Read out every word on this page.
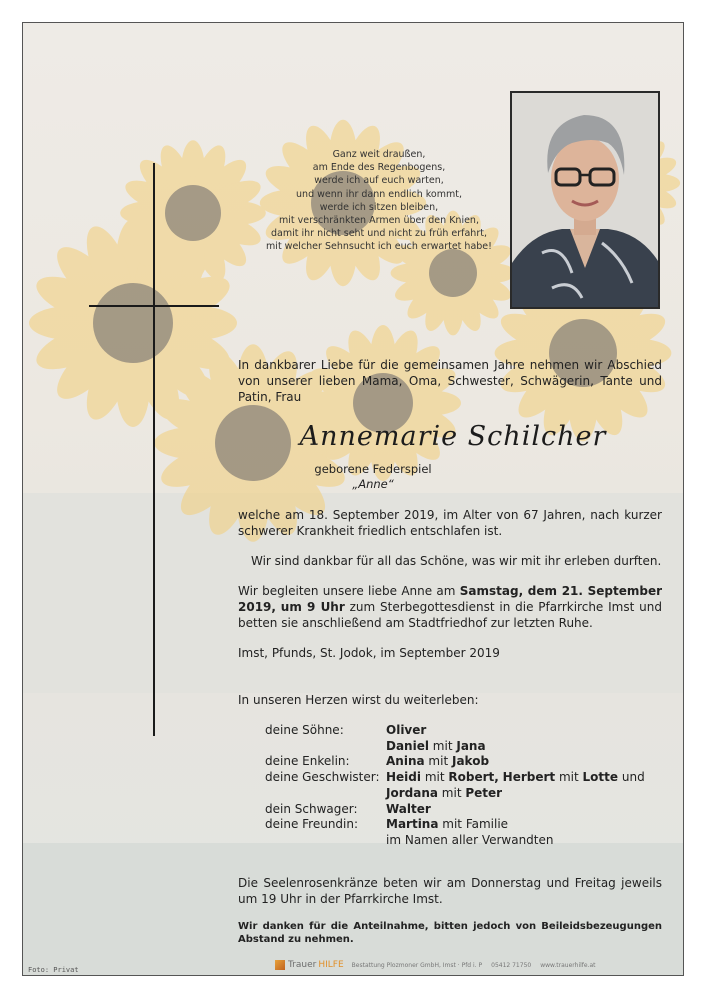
Ganz weit draußen,
am Ende des Regenbogens,
werde ich auf euch warten,
und wenn ihr dann endlich kommt,
werde ich sitzen bleiben,
mit verschränkten Armen über den Knien,
damit ihr nicht seht und nicht zu früh erfahrt,
mit welcher Sehnsucht ich euch erwartet habe!
In dankbarer Liebe für die gemeinsamen Jahre nehmen wir Abschied von unserer lieben Mama, Oma, Schwester, Schwägerin, Tante und Patin, Frau
Annemarie Schilcher
geborene Federspiel
„Anne“
welche am 18. September 2019, im Alter von 67 Jahren, nach kurzer schwerer Krankheit friedlich entschlafen ist.
Wir sind dankbar für all das Schöne, was wir mit ihr erleben durften.
Wir begleiten unsere liebe Anne am Samstag, dem 21. September 2019, um 9 Uhr zum Sterbegottesdienst in die Pfarrkirche Imst und betten sie anschließend am Stadtfriedhof zur letzten Ruhe.
Imst, Pfunds, St. Jodok, im September 2019
In unseren Herzen wirst du weiterleben:
deine Söhne:	Oliver
Daniel mit Jana
deine Enkelin:	Anina mit Jakob
deine Geschwister: Heidi mit Robert, Herbert mit Lotte und
Jordana mit Peter
dein Schwager: Walter
deine Freundin: Martina mit Familie
im Namen aller Verwandten
Die Seelenrosenkränze beten wir am Donnerstag und Freitag jeweils um 19 Uhr in der Pfarrkirche Imst.
Wir danken für die Anteilnahme, bitten jedoch von Beileidsbezeugungen Abstand zu nehmen.
Foto: Privat	Trauer HILFE Bestattung Plozmoner GmbH, Imst · Pfd i. P 05412 71750 www.trauerhilfe.at
